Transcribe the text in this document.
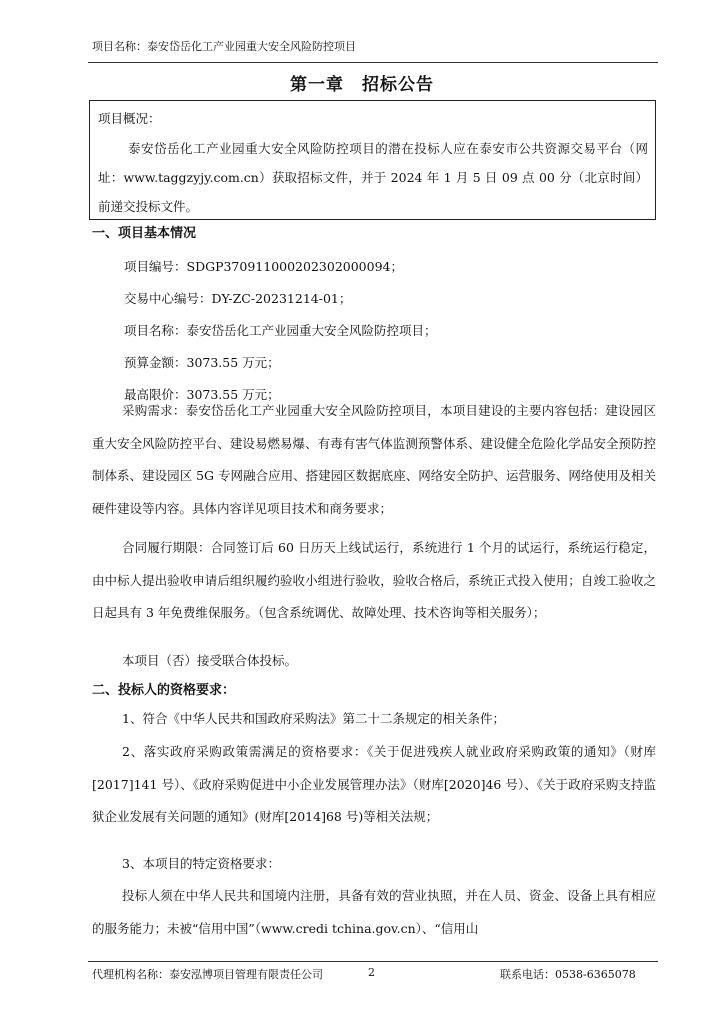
项目名称：泰安岱岳化工产业园重大安全风险防控项目
第一章　招标公告
项目概况：

泰安岱岳化工产业园重大安全风险防控项目的潜在投标人应在泰安市公共资源交易平台（网址：www.taggzyjy.com.cn）获取招标文件，并于 2024 年 1 月 5 日 09 点 00 分（北京时间）前递交投标文件。

一、项目基本情况
项目编号：SDGP370911000202302000094；
交易中心编号：DY-ZC-20231214-01；
项目名称：泰安岱岳化工产业园重大安全风险防控项目；
预算金额：3073.55 万元；
最高限价：3073.55 万元；

采购需求：泰安岱岳化工产业园重大安全风险防控项目，本项目建设的主要内容包括：建设园区重大安全风险防控平台、建设易燃易爆、有毒有害气体监测预警体系、建设健全危险化学品安全预防控制体系、建设园区 5G 专网融合应用、搭建园区数据底座、网络安全防护、运营服务、网络使用及相关硬件建设等内容。具体内容详见项目技术和商务要求；

合同履行期限：合同签订后 60 日历天上线试运行，系统进行 1 个月的试运行，系统运行稳定，由中标人提出验收申请后组织履约验收小组进行验收，验收合格后，系统正式投入使用；自竣工验收之日起具有 3 年免费维保服务。（包含系统调优、故障处理、技术咨询等相关服务）；

本项目（否）接受联合体投标。

二、投标人的资格要求：

1、符合《中华人民共和国政府采购法》第二十二条规定的相关条件；

2、落实政府采购政策需满足的资格要求：《关于促进残疾人就业政府采购政策的通知》（财库[2017]141 号）、《政府采购促进中小企业发展管理办法》（财库[2020]46 号）、《关于政府采购支持监狱企业发展有关问题的通知》(财库[2014]68 号)等相关法规；

3、本项目的特定资格要求：

投标人须在中华人民共和国境内注册，具备有效的营业执照，并在人员、资金、设备上具有相应的服务能力；未被“信用中国”（www.credi tchina.gov.cn）、“信用山

代理机构名称：泰安泓博项目管理有限责任公司	2	联系电话：0538-6365078
